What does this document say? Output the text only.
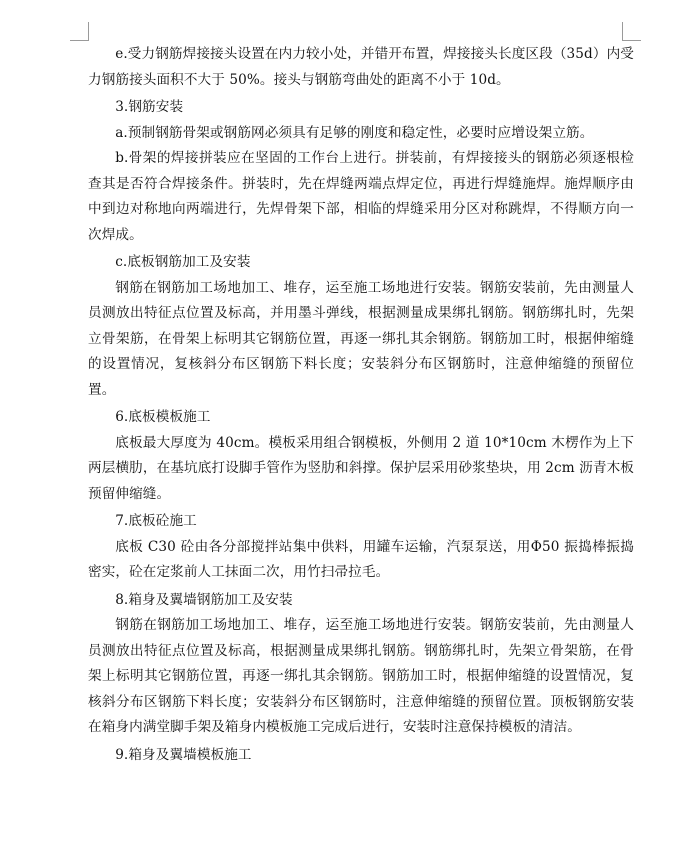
e.受力钢筋焊接接头设置在内力较小处，并错开布置，焊接接头长度区段（35d）内受力钢筋接头面积不大于 50%。接头与钢筋弯曲处的距离不小于 10d。

3.钢筋安装

a.预制钢筋骨架或钢筋网必须具有足够的刚度和稳定性，必要时应增设架立筋。

b.骨架的焊接拼装应在坚固的工作台上进行。拼装前，有焊接接头的钢筋必须逐根检查其是否符合焊接条件。拼装时，先在焊缝两端点焊定位，再进行焊缝施焊。施焊顺序由中到边对称地向两端进行，先焊骨架下部，相临的焊缝采用分区对称跳焊，不得顺方向一次焊成。

c.底板钢筋加工及安装

钢筋在钢筋加工场地加工、堆存，运至施工场地进行安装。钢筋安装前，先由测量人员测放出特征点位置及标高，并用墨斗弹线，根据测量成果绑扎钢筋。钢筋绑扎时，先架立骨架筋，在骨架上标明其它钢筋位置，再逐一绑扎其余钢筋。钢筋加工时，根据伸缩缝的设置情况，复核斜分布区钢筋下料长度；安装斜分布区钢筋时，注意伸缩缝的预留位置。

6.底板模板施工

底板最大厚度为 40cm。模板采用组合钢模板，外侧用 2 道 10*10cm 木楞作为上下两层横肋，在基坑底打设脚手管作为竖肋和斜撑。保护层采用砂浆垫块，用 2cm 沥青木板预留伸缩缝。

7.底板砼施工

底板 C30 砼由各分部搅拌站集中供料，用罐车运输，汽泵泵送，用Φ50 振捣棒振捣密实，砼在定浆前人工抹面二次，用竹扫帚拉毛。

8.箱身及翼墙钢筋加工及安装

钢筋在钢筋加工场地加工、堆存，运至施工场地进行安装。钢筋安装前，先由测量人员测放出特征点位置及标高，根据测量成果绑扎钢筋。钢筋绑扎时，先架立骨架筋，在骨架上标明其它钢筋位置，再逐一绑扎其余钢筋。钢筋加工时，根据伸缩缝的设置情况，复核斜分布区钢筋下料长度；安装斜分布区钢筋时，注意伸缩缝的预留位置。顶板钢筋安装在箱身内满堂脚手架及箱身内模板施工完成后进行，安装时注意保持模板的清洁。

9.箱身及翼墙模板施工
